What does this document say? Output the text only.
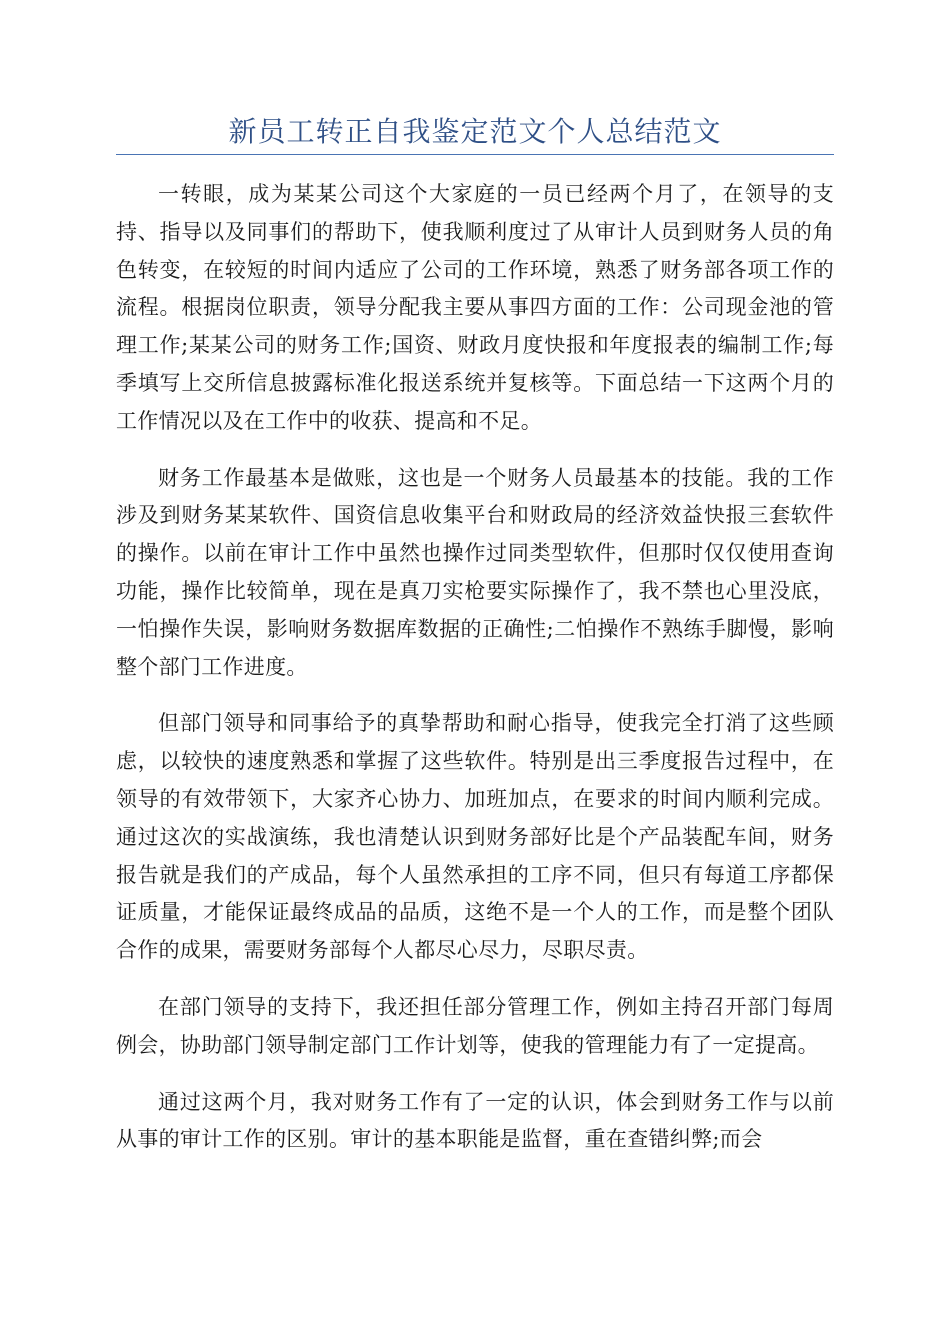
新员工转正自我鉴定范文个人总结范文

一转眼，成为某某公司这个大家庭的一员已经两个月了，在领导的支持、指导以及同事们的帮助下，使我顺利度过了从审计人员到财务人员的角色转变，在较短的时间内适应了公司的工作环境，熟悉了财务部各项工作的流程。根据岗位职责，领导分配我主要从事四方面的工作：公司现金池的管理工作;某某公司的财务工作;国资、财政月度快报和年度报表的编制工作;每季填写上交所信息披露标准化报送系统并复核等。下面总结一下这两个月的工作情况以及在工作中的收获、提高和不足。

财务工作最基本是做账，这也是一个财务人员最基本的技能。我的工作涉及到财务某某软件、国资信息收集平台和财政局的经济效益快报三套软件的操作。以前在审计工作中虽然也操作过同类型软件，但那时仅仅使用查询功能，操作比较简单，现在是真刀实枪要实际操作了，我不禁也心里没底，一怕操作失误，影响财务数据库数据的正确性;二怕操作不熟练手脚慢，影响整个部门工作进度。

但部门领导和同事给予的真挚帮助和耐心指导，使我完全打消了这些顾虑，以较快的速度熟悉和掌握了这些软件。特别是出三季度报告过程中，在领导的有效带领下，大家齐心协力、加班加点，在要求的时间内顺利完成。通过这次的实战演练，我也清楚认识到财务部好比是个产品装配车间，财务报告就是我们的产成品，每个人虽然承担的工序不同，但只有每道工序都保证质量，才能保证最终成品的品质，这绝不是一个人的工作，而是整个团队合作的成果，需要财务部每个人都尽心尽力，尽职尽责。

在部门领导的支持下，我还担任部分管理工作，例如主持召开部门每周例会，协助部门领导制定部门工作计划等，使我的管理能力有了一定提高。

通过这两个月，我对财务工作有了一定的认识，体会到财务工作与以前从事的审计工作的区别。审计的基本职能是监督，重在查错纠弊;而会
